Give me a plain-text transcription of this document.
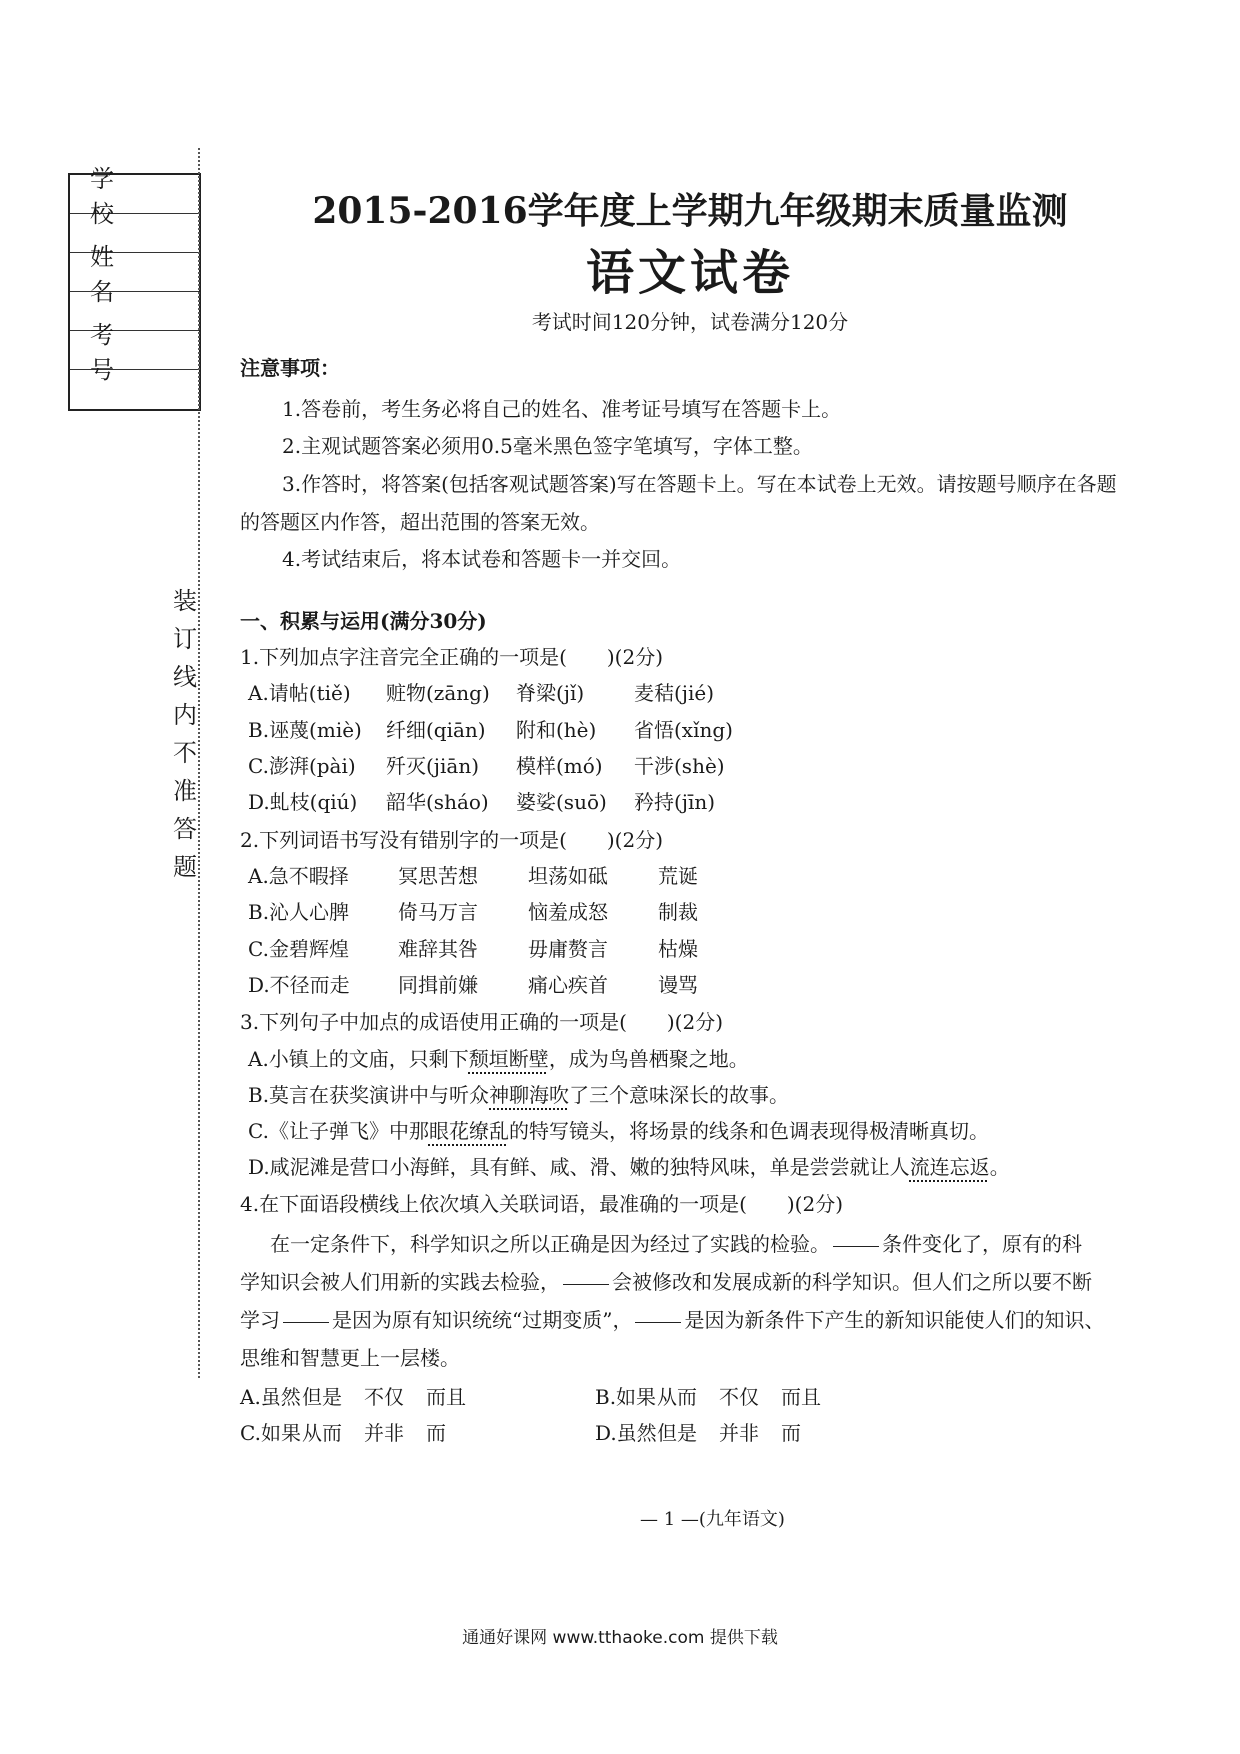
学 校
姓 名
考 号
装
订
线
内
不
准
答
题
2015-2016学年度上学期九年级期末质量监测
语文试卷
考试时间120分钟，试卷满分120分
注意事项：
1.答卷前，考生务必将自己的姓名、准考证号填写在答题卡上。
2.主观试题答案必须用0.5毫米黑色签字笔填写，字体工整。
3.作答时，将答案(包括客观试题答案)写在答题卡上。写在本试卷上无效。请按题号顺序在各题
的答题区内作答，超出范围的答案无效。
4.考试结束后，将本试卷和答题卡一并交回。
一、积累与运用(满分30分)
1.下列加点字注音完全正确的一项是(　　)(2分)
A.请帖(tiě) 赃物(zāng) 脊梁(jǐ) 麦秸(jié)
B.诬蔑(miè) 纤细(qiān) 附和(hè) 省悟(xǐng)
C.澎湃(pài) 歼灭(jiān) 模样(mó) 干涉(shè)
D.虬枝(qiú) 韶华(sháo) 婆娑(suō) 矜持(jīn)
2.下列词语书写没有错别字的一项是(　　)(2分)
A.急不暇择 冥思苦想	坦荡如砥	荒诞
B.沁人心脾 倚马万言	恼羞成怒	制裁
C.金碧辉煌 难辞其咎	毋庸赘言	枯燥
D.不径而走 同揖前嫌	痛心疾首	谩骂
3.下列句子中加点的成语使用正确的一项是(　　)(2分)
A.小镇上的文庙，只剩下颓垣断壁，成为鸟兽栖聚之地。
B.莫言在获奖演讲中与听众神聊海吹了三个意味深长的故事。
C.《让子弹飞》中那眼花缭乱的特写镜头，将场景的线条和色调表现得极清晰真切。
D.咸泥滩是营口小海鲜，具有鲜、咸、滑、嫩的独特风味，单是尝尝就让人流连忘返。
4.在下面语段横线上依次填入关联词语，最准确的一项是(　　)(2分)
在一定条件下，科学知识之所以正确是因为经过了实践的检验。	条件变化了，原有的科
学知识会被人们用新的实践去检验，	会被修改和发展成新的科学知识。但人们之所以要不断
学习	是因为原有知识统统“过期变质”，	是因为新条件下产生的新知识能使人们的知识、
思维和智慧更上一层楼。
A.虽然但是 不仅 而且	B.如果从而 不仅 而且
C.如果从而 并非 而	D.虽然但是 并非 而
— 1 —(九年语文)
通通好课网 www.tthaoke.com 提供下载
